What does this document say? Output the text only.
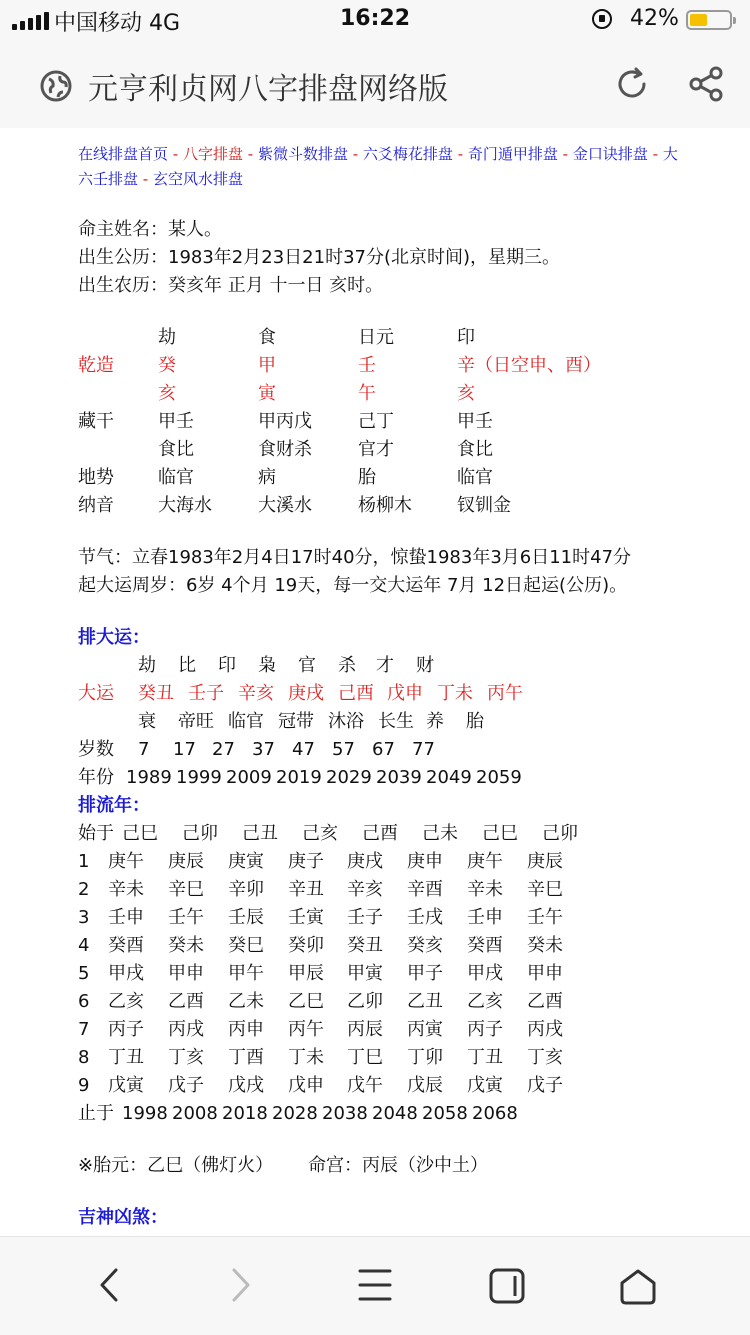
中国移动 4G	16:22	42%
元亨利贞网八字排盘网络版
在线排盘首页 - 八字排盘 - 紫微斗数排盘 - 六爻梅花排盘 - 奇门遁甲排盘 - 金口诀排盘 - 大六壬排盘 - 玄空风水排盘
命主姓名：某人。
出生公历：1983年2月23日21时37分(北京时间)，星期三。
出生农历：癸亥年 正月 十一日 亥时。
劫	食	日元	印
乾造 癸	甲	壬	辛（日空申、酉）
亥	寅	午	亥
藏干 甲壬	甲丙戊	己丁	甲壬
食比	食财杀	官才	食比
地势 临官	病	胎	临官
纳音 大海水	大溪水	杨柳木	钗钏金
节气：立春1983年2月4日17时40分，惊蛰1983年3月6日11时47分
起大运周岁：6岁 4个月 19天，每一交大运年 7月 12日起运(公历)。
排大运：
劫 比 印 枭 官 杀 才 财
大运 癸丑 壬子 辛亥 庚戌 己酉 戊申 丁未 丙午
衰 帝旺 临官 冠带 沐浴 长生 养 胎
岁数 7 17 27 37 47 57 67 77
年份 1989 1999 2009 2019 2029 2039 2049 2059
排流年：
始于 己巳 己卯 己丑 己亥 己酉 己未 己巳 己卯
1 庚午 庚辰 庚寅 庚子 庚戌 庚申 庚午 庚辰
2 辛未 辛巳 辛卯 辛丑 辛亥 辛酉 辛未 辛巳
3 壬申 壬午 壬辰 壬寅 壬子 壬戌 壬申 壬午
4 癸酉 癸未 癸巳 癸卯 癸丑 癸亥 癸酉 癸未
5 甲戌 甲申 甲午 甲辰 甲寅 甲子 甲戌 甲申
6 乙亥 乙酉 乙未 乙巳 乙卯 乙丑 乙亥 乙酉
7 丙子 丙戌 丙申 丙午 丙辰 丙寅 丙子 丙戌
8 丁丑 丁亥 丁酉 丁未 丁巳 丁卯 丁丑 丁亥
9 戊寅 戊子 戊戌 戊申 戊午 戊辰 戊寅 戊子
止于 1998 2008 2018 2028 2038 2048 2058 2068
※胎元：乙巳（佛灯火） 命宫：丙辰（沙中土）
吉神凶煞：
